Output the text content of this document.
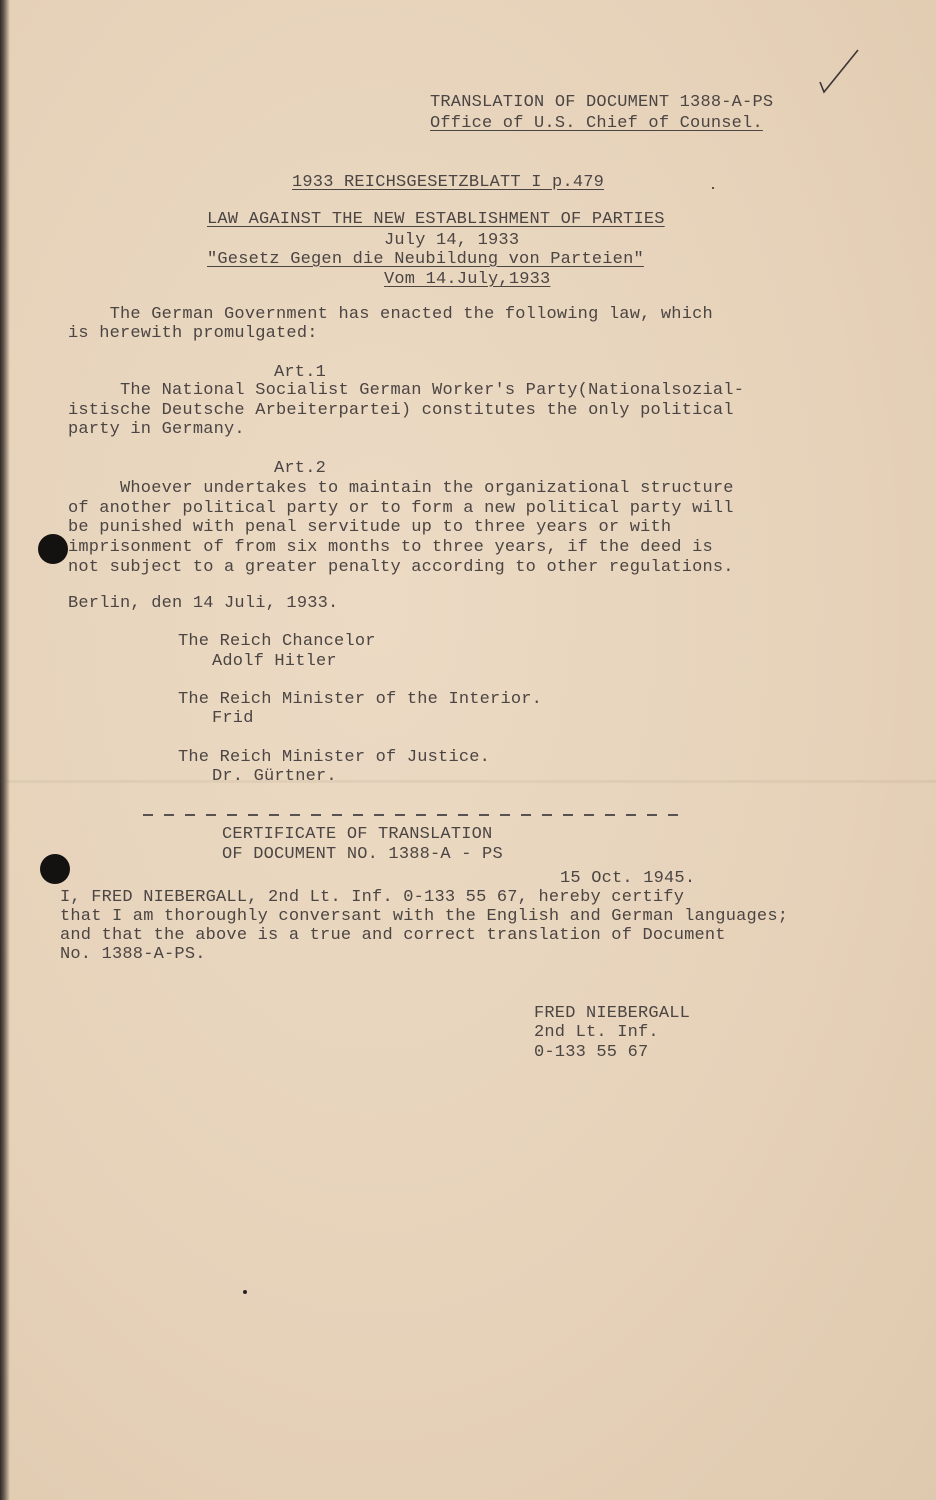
TRANSLATION OF DOCUMENT 1388-A-PS
Office of U.S. Chief of Counsel.
1933 REICHSGESETZBLATT I p.479
LAW AGAINST THE NEW ESTABLISHMENT OF PARTIES
July 14, 1933
"Gesetz Gegen die Neubildung von Parteien"
Vom 14.July,1933
The German Government has enacted the following law, which
is herewith promulgated:
Art.1
The National Socialist German Worker's Party(Nationalsozial-
istische Deutsche Arbeiterpartei) constitutes the only political
party in Germany.
Art.2
Whoever undertakes to maintain the organizational structure
of another political party or to form a new political party will
be punished with penal servitude up to three years or with
imprisonment of from six months to three years, if the deed is
not subject to a greater penalty according to other regulations.
Berlin, den 14 Juli, 1933.
The Reich Chancelor
Adolf Hitler
The Reich Minister of the Interior.
Frid
The Reich Minister of Justice.
Dr. Gürtner.
CERTIFICATE OF TRANSLATION
OF DOCUMENT NO. 1388-A - PS
15 Oct. 1945.
I, FRED NIEBERGALL, 2nd Lt. Inf. 0-133 55 67, hereby certify
that I am thoroughly conversant with the English and German languages;
and that the above is a true and correct translation of Document
No. 1388-A-PS.
FRED NIEBERGALL
2nd Lt. Inf.
0-133 55 67
